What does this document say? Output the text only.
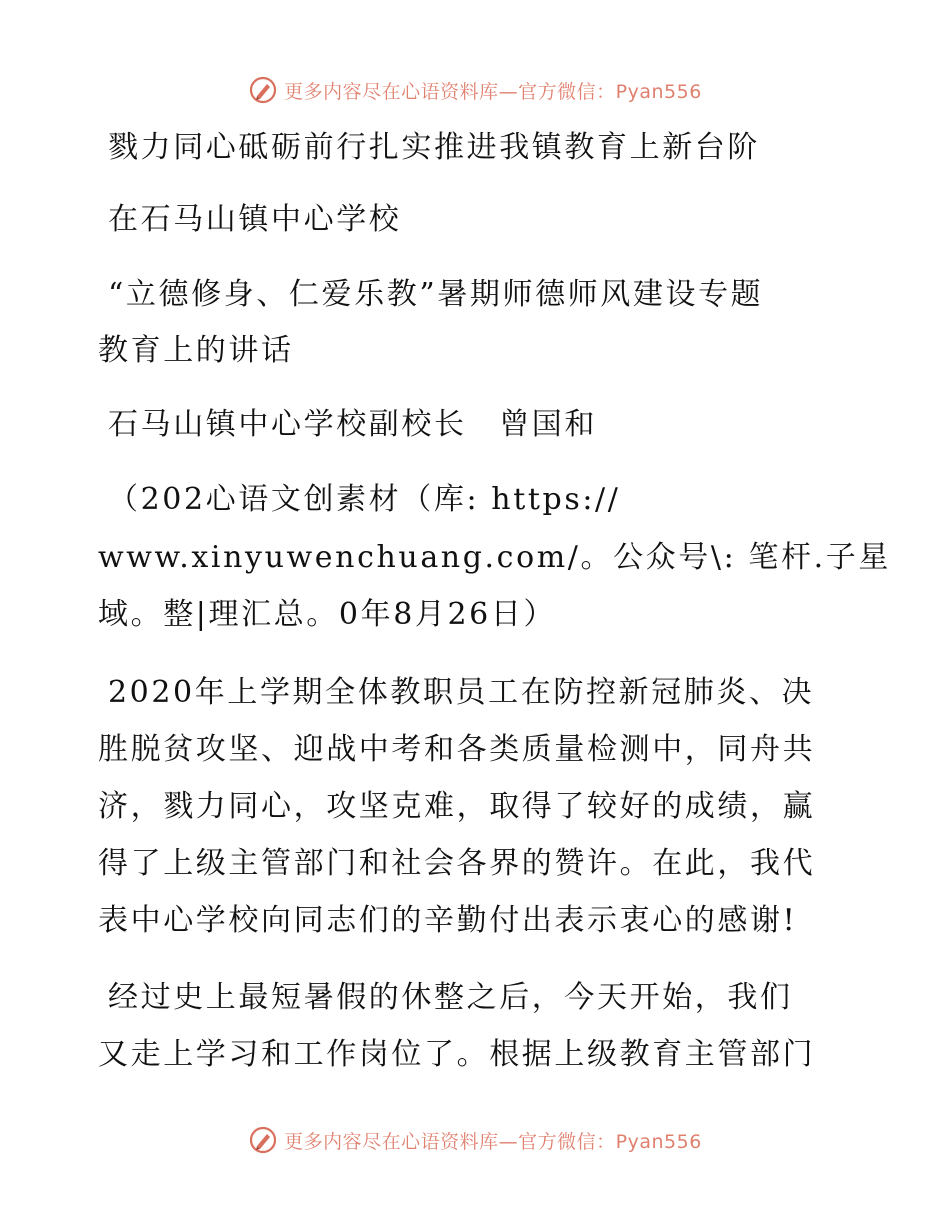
更多内容尽在心语资料库—官方微信：Pyan556
戮力同心砥砺前行扎实推进我镇教育上新台阶
在石马山镇中心学校
“立德修身、仁爱乐教”暑期师德师风建设专题
教育上的讲话
石马山镇中心学校副校长　曾国和
（202心语文创素材（库: https://
www.xinyuwenchuang.com/。公众号\: 笔杆.子星
域。整|理汇总。0年8月26日）
2020年上学期全体教职员工在防控新冠肺炎、决
胜脱贫攻坚、迎战中考和各类质量检测中，同舟共
济，戮力同心，攻坚克难，取得了较好的成绩，赢
得了上级主管部门和社会各界的赞许。在此，我代
表中心学校向同志们的辛勤付出表示衷心的感谢!
经过史上最短暑假的休整之后，今天开始，我们
又走上学习和工作岗位了。根据上级教育主管部门
更多内容尽在心语资料库—官方微信：Pyan556
